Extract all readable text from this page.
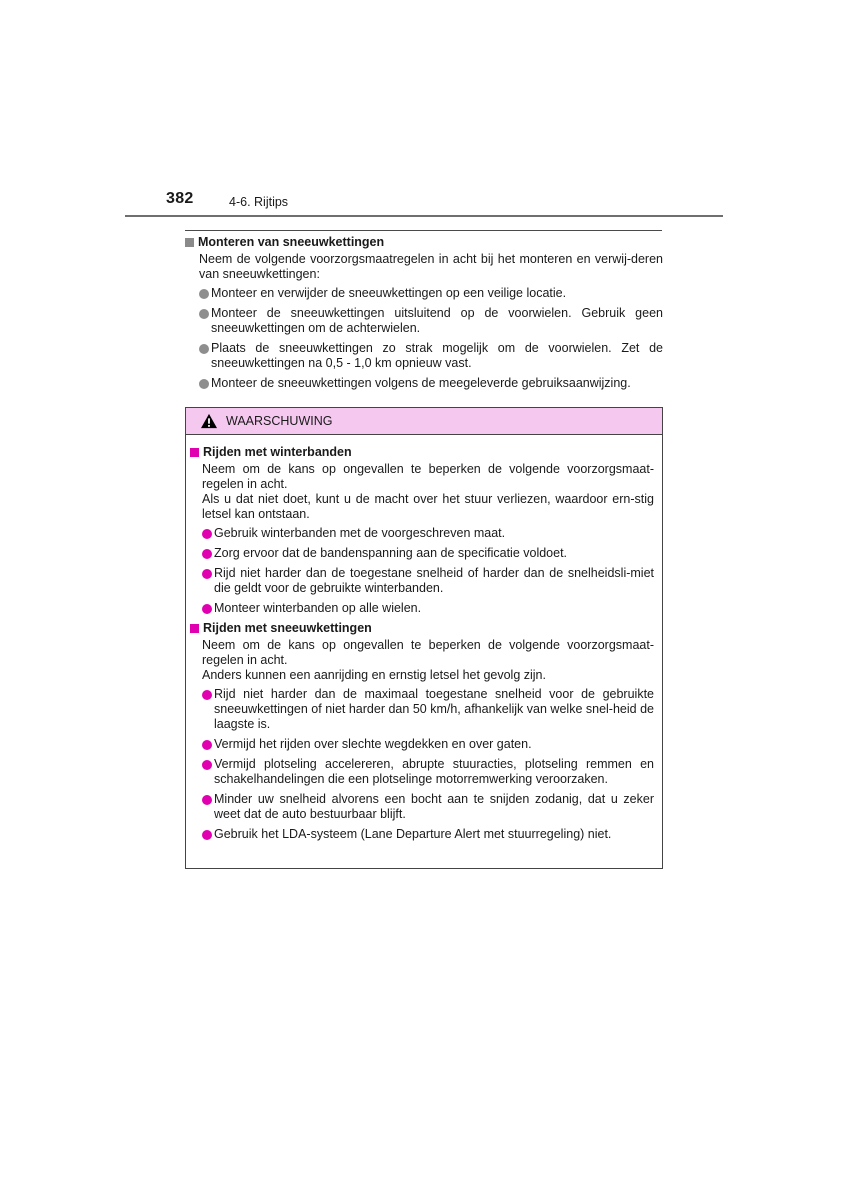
382	4-6. Rijtips
Monteren van sneeuwkettingen
Neem de volgende voorzorgsmaatregelen in acht bij het monteren en verwij-deren van sneeuwkettingen:
Monteer en verwijder de sneeuwkettingen op een veilige locatie.
Monteer de sneeuwkettingen uitsluitend op de voorwielen. Gebruik geen sneeuwkettingen om de achterwielen.
Plaats de sneeuwkettingen zo strak mogelijk om de voorwielen. Zet de sneeuwkettingen na 0,5 - 1,0 km opnieuw vast.
Monteer de sneeuwkettingen volgens de meegeleverde gebruiksaanwijzing.
WAARSCHUWING
Rijden met winterbanden
Neem om de kans op ongevallen te beperken de volgende voorzorgsmaat-regelen in acht.
Als u dat niet doet, kunt u de macht over het stuur verliezen, waardoor ern-stig letsel kan ontstaan.
Gebruik winterbanden met de voorgeschreven maat.
Zorg ervoor dat de bandenspanning aan de specificatie voldoet.
Rijd niet harder dan de toegestane snelheid of harder dan de snelheidsli-miet die geldt voor de gebruikte winterbanden.
Monteer winterbanden op alle wielen.
Rijden met sneeuwkettingen
Neem om de kans op ongevallen te beperken de volgende voorzorgsmaat-regelen in acht.
Anders kunnen een aanrijding en ernstig letsel het gevolg zijn.
Rijd niet harder dan de maximaal toegestane snelheid voor de gebruikte sneeuwkettingen of niet harder dan 50 km/h, afhankelijk van welke snel-heid de laagste is.
Vermijd het rijden over slechte wegdekken en over gaten.
Vermijd plotseling accelereren, abrupte stuuracties, plotseling remmen en schakelhandelingen die een plotselinge motorremwerking veroorzaken.
Minder uw snelheid alvorens een bocht aan te snijden zodanig, dat u zeker weet dat de auto bestuurbaar blijft.
Gebruik het LDA-systeem (Lane Departure Alert met stuurregeling) niet.
